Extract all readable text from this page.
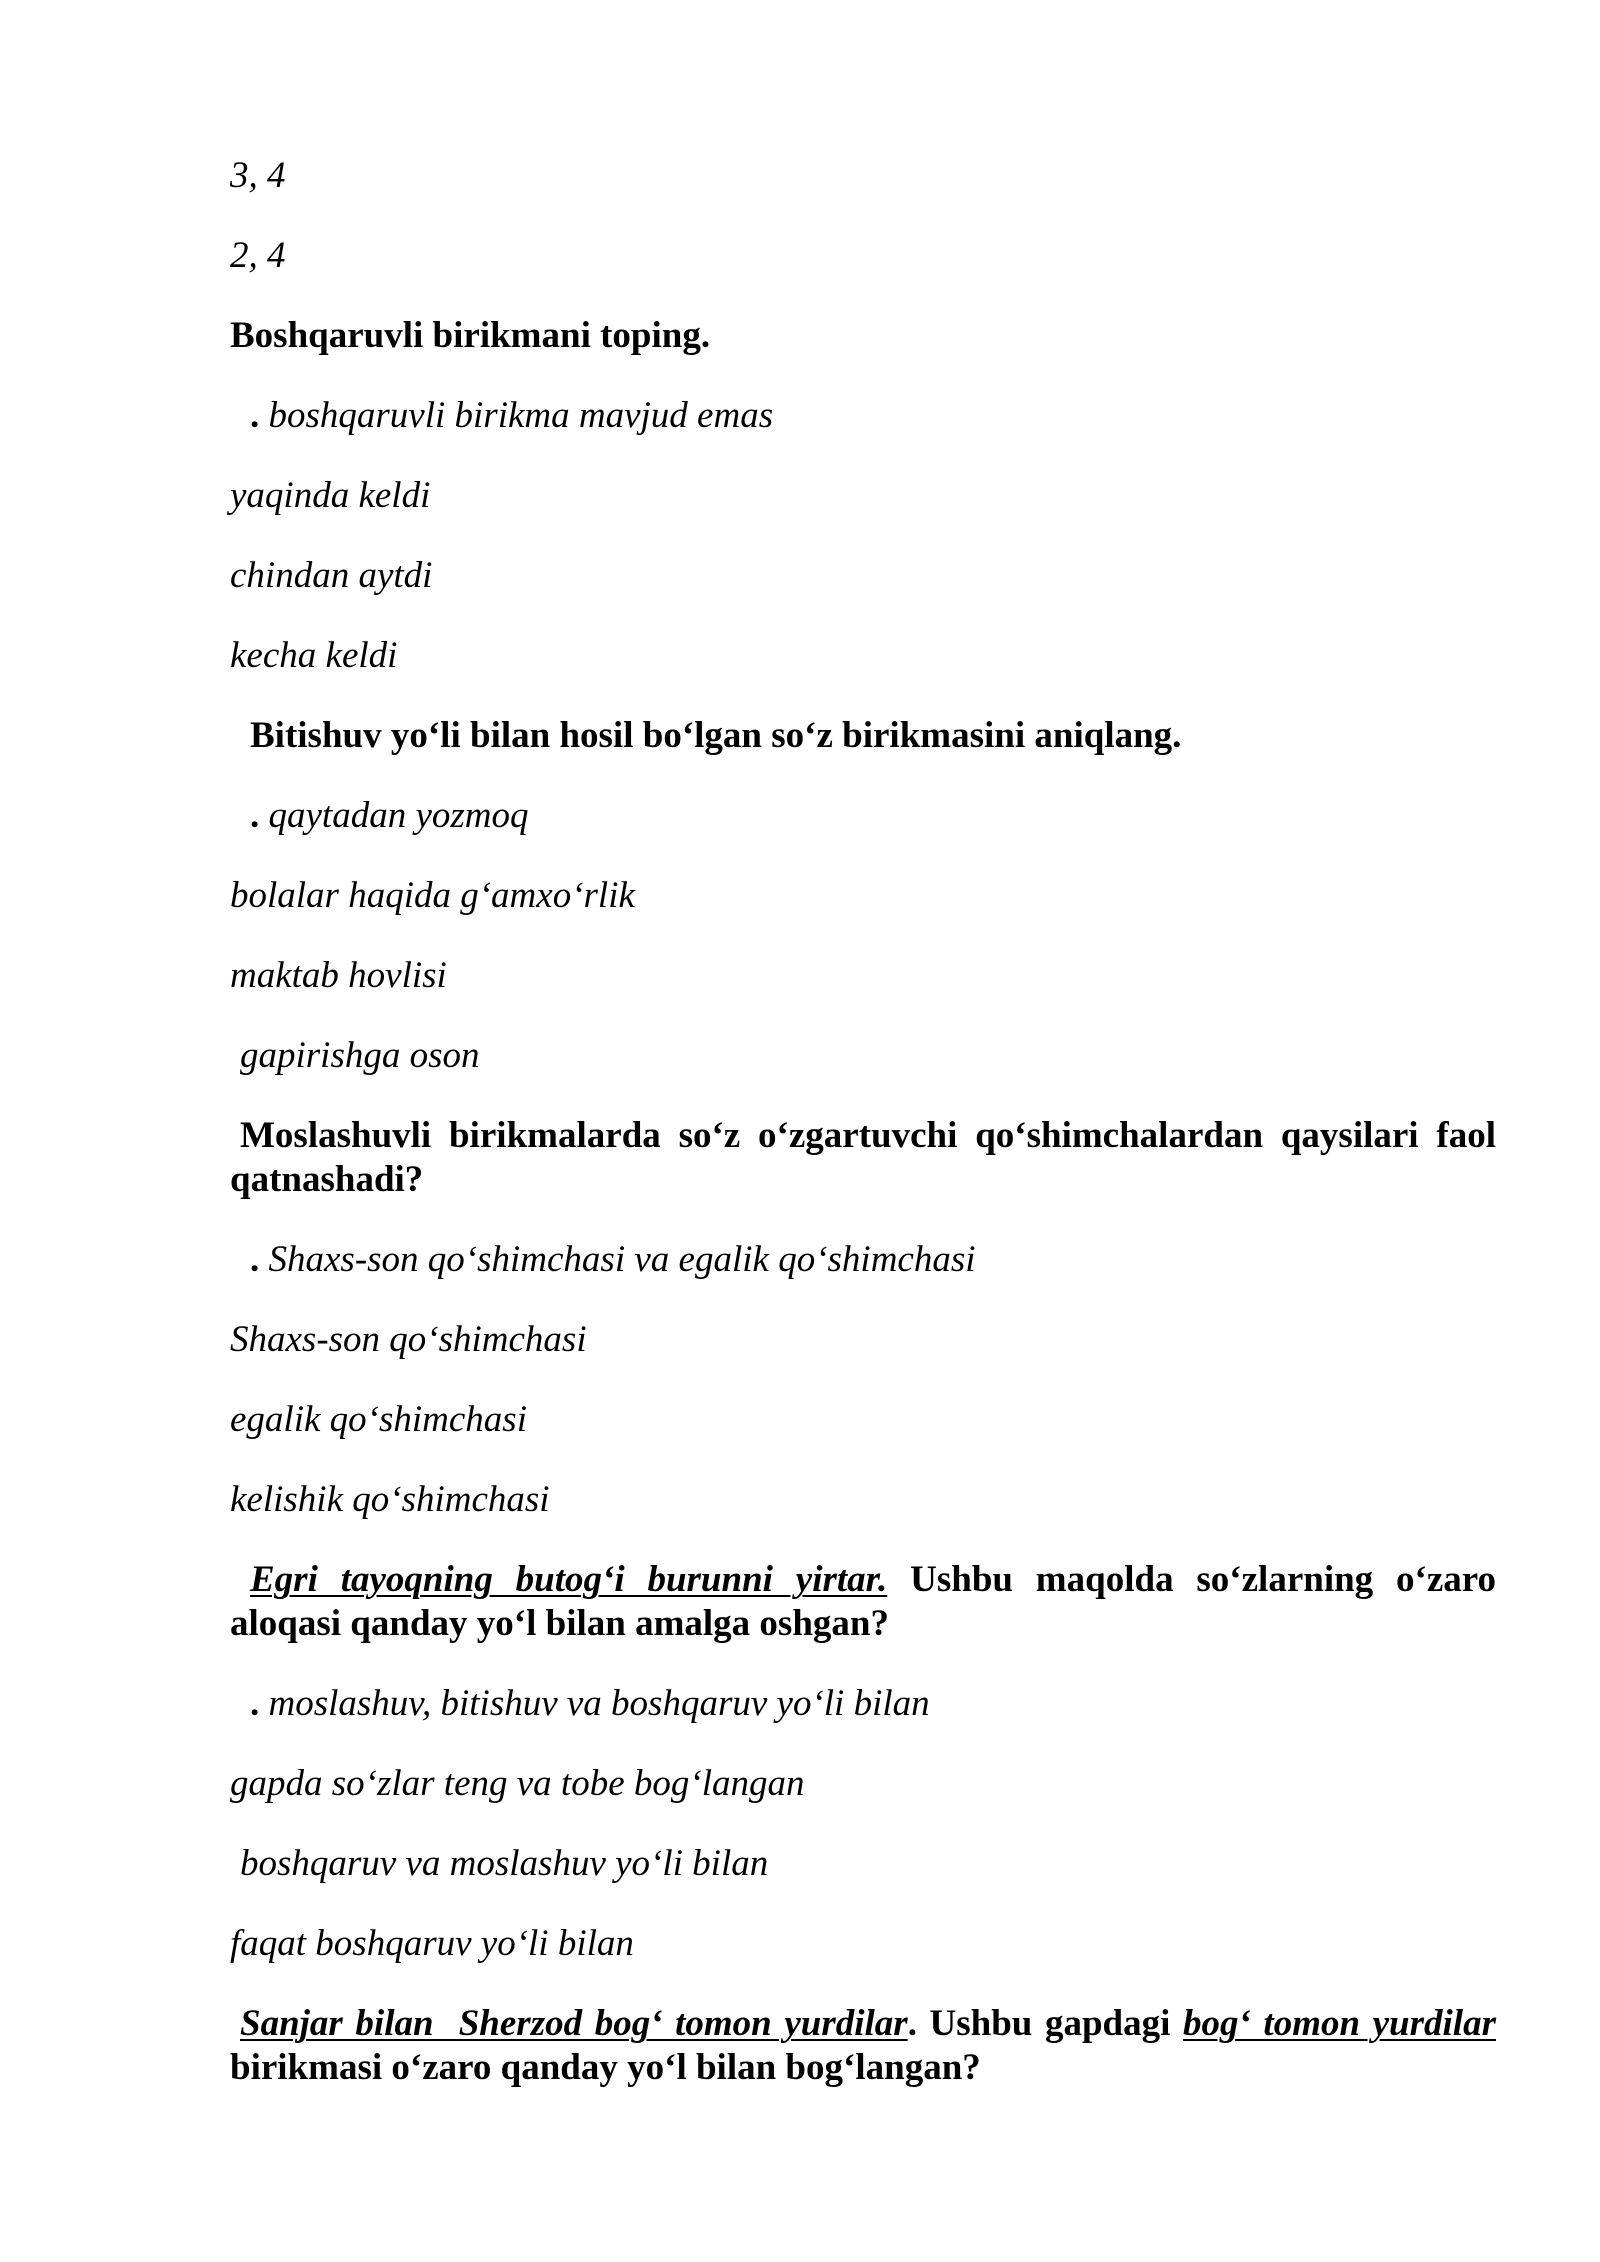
3, 4

2, 4

Boshqaruvli birikmani toping.

. boshqaruvli birikma mavjud emas

yaqinda keldi

chindan aytdi

kecha keldi

Bitishuv yo‘li bilan hosil bo‘lgan so‘z birikmasini aniqlang.

. qaytadan yozmoq

bolalar haqida g‘amxo‘rlik

maktab hovlisi

gapirishga oson

Moslashuvli birikmalarda so‘z o‘zgartuvchi qo‘shimchalardan qaysilari faol qatnashadi?

. Shaxs-son qo‘shimchasi va egalik qo‘shimchasi

Shaxs-son qo‘shimchasi

egalik qo‘shimchasi

kelishik qo‘shimchasi

Egri tayoqning butog‘i burunni yirtar. Ushbu maqolda so‘zlarning o‘zaro aloqasi qanday yo‘l bilan amalga oshgan?

. moslashuv, bitishuv va boshqaruv yo‘li bilan

gapda so‘zlar teng va tobe bog‘langan

boshqaruv va moslashuv yo‘li bilan

faqat boshqaruv yo‘li bilan

Sanjar bilan  Sherzod bog‘ tomon yurdilar. Ushbu gapdagi bog‘ tomon yurdilar birikmasi o‘zaro qanday yo‘l bilan bog‘langan?
